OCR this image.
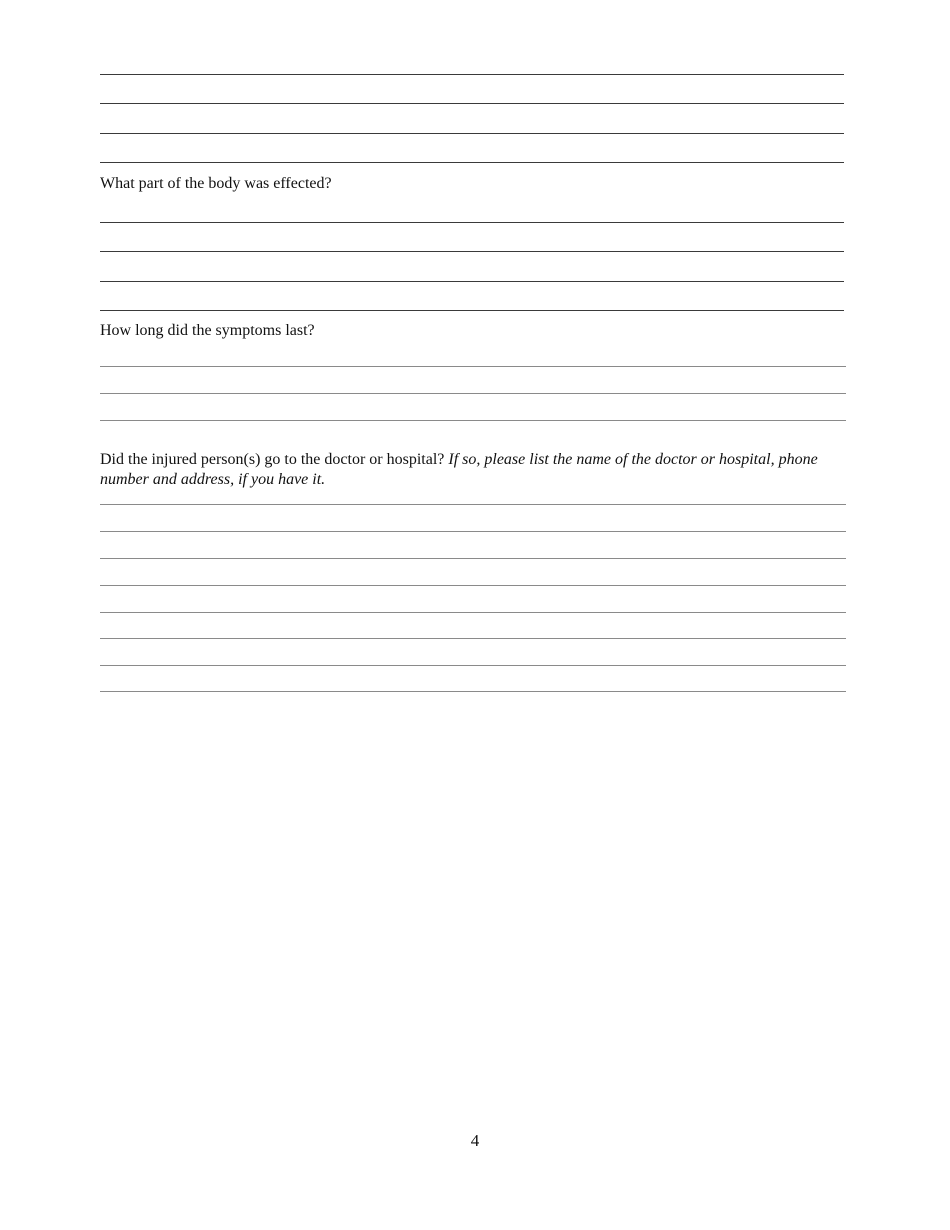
What part of the body was effected?

How long did the symptoms last?

Did the injured person(s) go to the doctor or hospital? If so, please list the name of the doctor or hospital, phone number and address, if you have it.

4
